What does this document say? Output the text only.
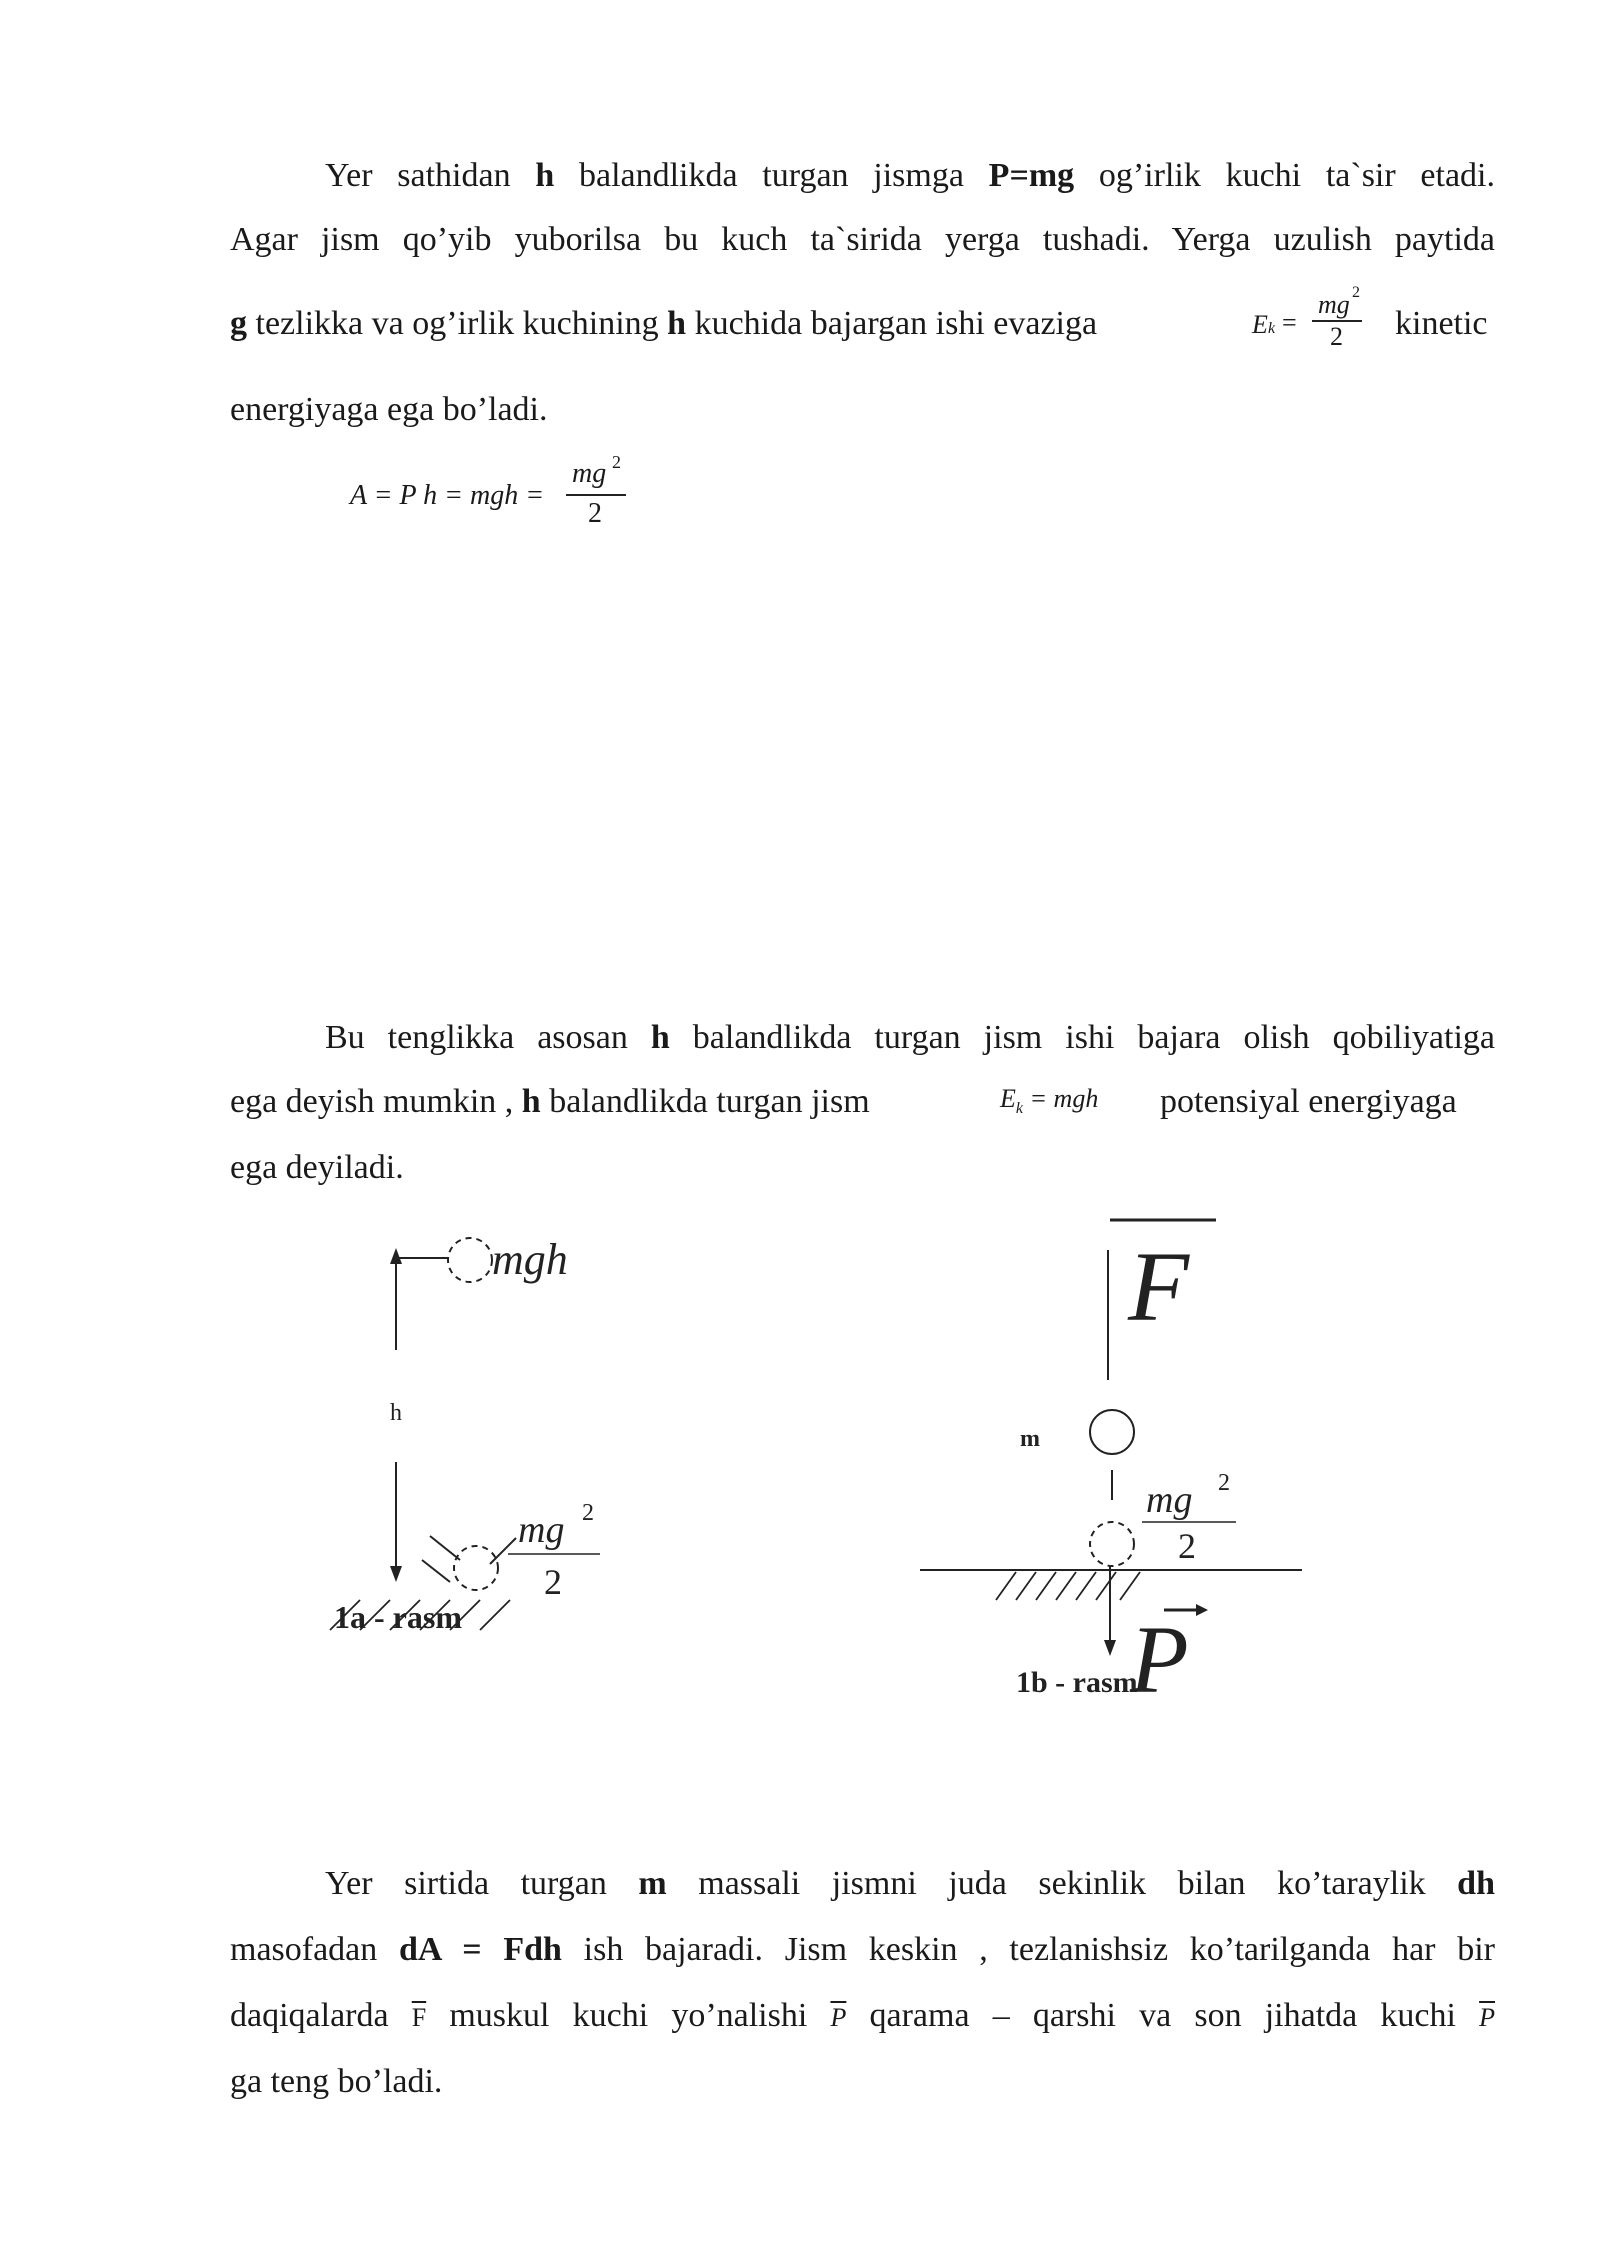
Yer sathidan h balandlikda turgan jismga P=mg og’irlik kuchi ta`sir etadi.
Agar jism qo’yib yuborilsa bu kuch ta`sirida yerga tushadi. Yerga uzulish paytida
g tezlikka va og’irlik kuchining h kuchida bajargan ishi evaziga	E k =
mg 2
2 kinetic
energiyaga ega bo’ladi.
A = P h = mgh =
mg 2
2
Bu tenglikka asosan h balandlikda turgan jism ishi bajara olish qobiliyatiga
ega deyish mumkin , h balandlikda turgan jism	$E_k$ = mgh potensiyal energiyaga
ega deyiladi.
mgh
h
mg 2
2
1a - rasm
F
m
mg 2
2
P
1b - rasm
Yer sirtida turgan m massali jismni juda sekinlik bilan ko’taraylik dh
masofadan dA = Fdh ish bajaradi. Jism keskin , tezlanishsiz ko’tarilganda har bir
daqiqalarda $\overline{F}$ muskul kuchi yo’nalishi $\overline{P}$ qarama – qarshi va son jihatda kuchi $\overline{P}$
ga teng bo’ladi.
